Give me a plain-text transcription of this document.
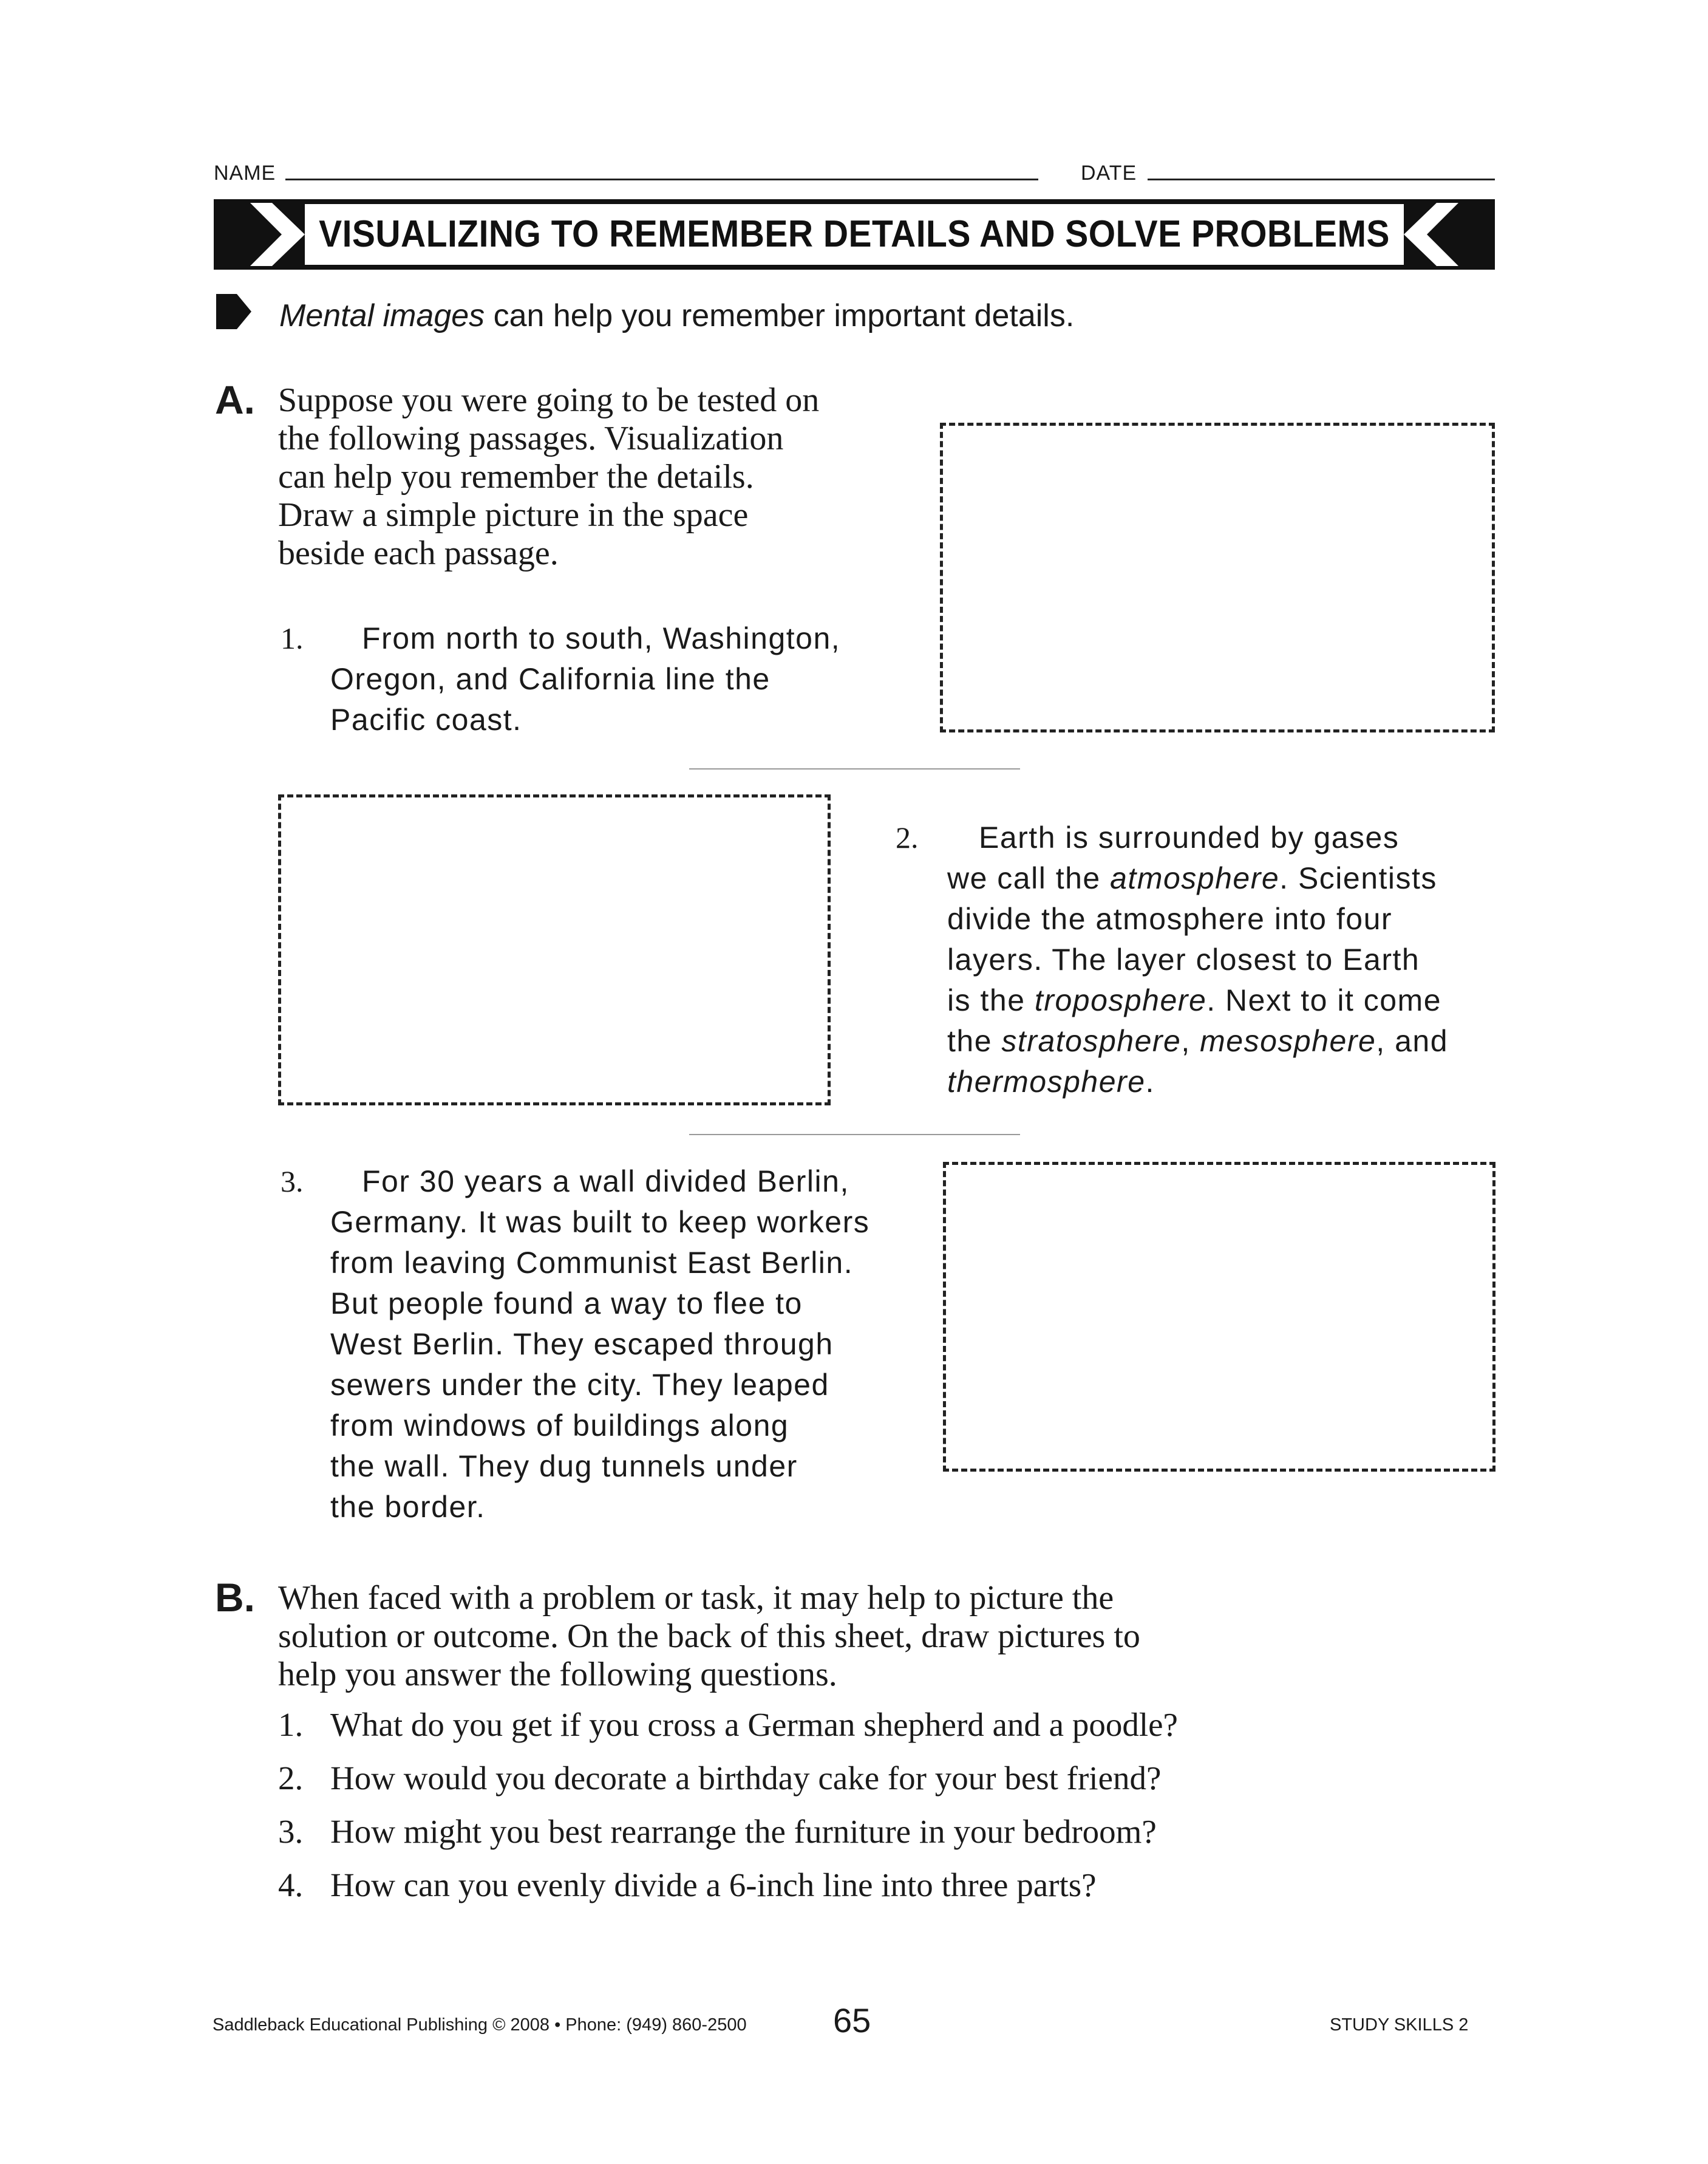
NAME	DATE
VISUALIZING TO REMEMBER DETAILS AND SOLVE PROBLEMS
Mental images can help you remember important details.
A. Suppose you were going to be tested on
the following passages. Visualization
can help you remember the details.
Draw a simple picture in the space
beside each passage.
1.	From north to south, Washington,
Oregon, and California line the
Pacific coast.
2.	Earth is surrounded by gases
we call the atmosphere. Scientists
divide the atmosphere into four
layers. The layer closest to Earth
is the troposphere. Next to it come
the stratosphere, mesosphere, and
thermosphere.
3.	For 30 years a wall divided Berlin,
Germany. It was built to keep workers
from leaving Communist East Berlin.
But people found a way to flee to
West Berlin. They escaped through
sewers under the city. They leaped
from windows of buildings along
the wall. They dug tunnels under
the border.
B. When faced with a problem or task, it may help to picture the
solution or outcome. On the back of this sheet, draw pictures to
help you answer the following questions.
1. What do you get if you cross a German shepherd and a poodle?
2. How would you decorate a birthday cake for your best friend?
3. How might you best rearrange the furniture in your bedroom?
4. How can you evenly divide a 6-inch line into three parts?
Saddleback Educational Publishing © 2008 • Phone: (949) 860-2500	65	STUDY SKILLS 2
